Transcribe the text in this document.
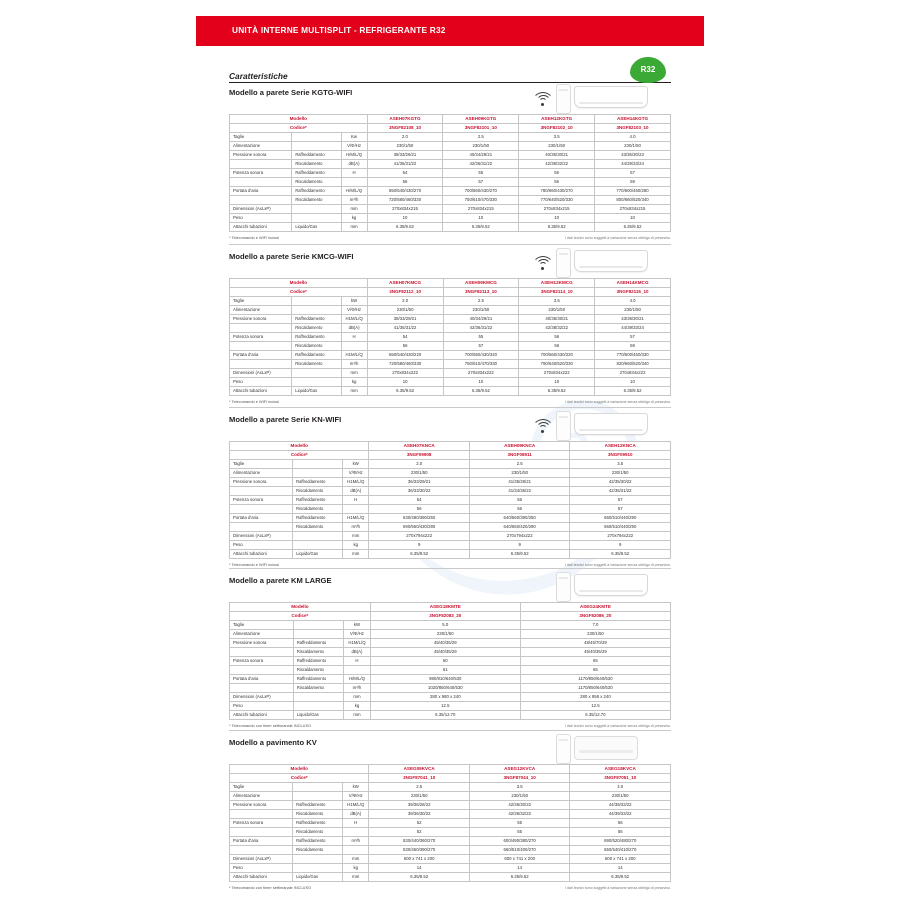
UNITÀ INTERNE MULTISPLIT - REFRIGERANTE R32
Caratteristiche
R32
Modello a parete Serie KGTG-WIFI
Modello			ASEH07KGTG	ASEH09KGTG	ASEH12KGTG	ASEH14KGTG
Codice*			3NGF82108_10	3NGF82101_10	3NGF82102_10	3NGF82103_10
Taglie		Kw	2.0	2.5	3.5	4.0
Alimentazione		V/Φ/Hz	230/1/50	230/1/50	230/1/50	230/1/50
Pressione sonora	Raffreddamento	H/M/L/Q	38/33/29/21	40/34/29/21	40/35/30/21	43/36/30/23
	Riscaldamento	dB(A)	41/35/31/22	42/36/31/22	42/38/32/22	44/39/33/24
Potenza sonora	Raffreddamento	H	54	55	56	57
	Riscaldamento		56	57	56	59
Portata d'aria	Raffreddamento	H/M/L/Q	650/540/430/270	700/560/430/270	780/660/430/270	770/600/450/280
	Riscaldamento	m³/h	720/580/460/330	750/610/470/330	770/640/520/330	800/660/520/340
Dimensioni (AxLxP)		mm	270x834x215	270x834x215	270x834x215	270x834x215
Peso		kg	10	10	10	10
Attacchi tubazioni	Liquido/Gas	mm	6.35/9.52	6.35/9.52	6.35/9.52	6.35/9.52
* Telecomando e WIFI inclusi	I dati tecnici sono soggetti a variazione senza obbligo di preavviso.
Modello a parete Serie KMCG-WIFI
Modello			ASEH07KMCG	ASEH09KMCG	ASEH12KMCG	ASEH14KMCG
Codice*			3NGF82112_10	3NGF82113_10	3NGF82114_10	3NGF82115_10
Taglie		kW	2.0	2.5	3.5	4.0
Alimentazione		V/Φ/Hz	230/1/50	230/1/50	230/1/50	230/1/50
Pressione sonora	Raffreddamento	H1M/L/Q	38/33/29/21	40/34/29/21	40/35/30/21	43/36/30/21
	Riscaldamento	dB(A)	41/35/31/22	42/36/31/22	42/38/32/22	44/39/33/24
Potenza sonora	Raffreddamento	H	54	55	56	57
	Riscaldamento		56	57	56	59
Portata d'aria	Raffreddamento	H1M/L/Q	650/540/430/220	700/560/430/320	700/560/430/320	770/600/450/330
	Riscaldamento	m³/h	720/580/460/330	750/610/470/330	790/640/520/330	820/660/520/340
Dimensioni (AxLxP)		mm	270x834x222	270x834x222	270x834x222	270x834x222
Peso		kg	10	10	10	10
Attacchi tubazioni	Liquido/Gas	mm	6.35/9.52	6.35/9.52	6.35/9.52	6.35/9.52
* Telecomando e WIFI inclusi	I dati tecnici sono soggetti a variazione senza obbligo di preavviso.
Modello a parete Serie KN-WIFI
Modello			ASEH07KNCA	ASEH09KNCA	ASEH12KNCA
Codice*			3NGF09908	3NGF08911	3NGF09910
Taglie		kW	2.0	2.5	3.5
Alimentazione		V/Φ/Hz	230/1/50	230/1/50	230/1/50
Pressione sonora	Raffreddamento	H1M/L/Q	36/33/29/21	41/35/28/21	42/35/30/22
	Riscaldamento	dB(A)	36/33/30/22	41/34/36/22	42/35/31/22
Potenza sonora	Raffreddamento	H	54	56	57
	Riscaldamento		56	56	57
Portata d'aria	Raffreddamento	H1M/L/Q	630/490/390/250	640/560/390/250	660/510/440/290
	Riscaldamento	m³/h	690/560/430/290	640/650/420/290	660/510/440/290
Dimensioni (AxLxP)		mm	270x794x222	270x794x222	270x794x222
Peso		kg	9	9	9
Attacchi tubazioni	Liquido/Gas	mm	6.35/9.52	6.35/9.52	6.35/9.52
* Telecomando e WIFI inclusi	I dati tecnici sono soggetti a variazione senza obbligo di preavviso.
Modello a parete KM LARGE
Modello			ASEG18KMTE	ASEG24KMTE
Codice*			3NGF82083_20	3NGF82086_20
Taglie		kW	5.0	7.0
Alimentazione		V/Φ/Hz	230/1/50	230/1/50
Pressione sonora	Raffreddamento	H1M/L/Q	45/40/35/29	48/45/70/29
	Riscaldamento	dB(A)	45/40/35/29	45/40/35/29
Potenza sonora	Raffreddamento	H	60	65
	Riscaldamento		61	65
Portata d'aria	Raffreddamento	H/M/L/Q	980/810/640/530	1170/850/640/530
	Riscaldamento	m³/h	1020/850/640/530	1170/850/640/530
Dimensioni (AxLxP)		mm	280 x 980 x 240	280 x 958 x 240
Peso		kg	12.5	12.5
Attacchi tubazioni	Liquido/Gas	mm	6.35/12.70	6.35/12.70
* Telecomando con timer settimanale INCLUSO	I dati tecnici sono soggetti a variazione senza obbligo di preavviso.
Modello a pavimento KV
Modello			ASEG09KVCA	ASEG12KVCA	ASEG18KVCA
Codice*			3NGF87041_10	3NGF87044_10	3NGF87051_10
Taglie		kW	2.5	3.5	4.0
Alimentazione		V/Φ/Hz	230/1/50	230/1/50	230/1/50
Pressione sonora	Raffreddamento	H1M/L/Q	39/36/28/22	42/36/30/22	44/39/32/22
	Riscaldamento	dB(A)	39/36/30/22	42/36/32/22	44/39/33/22
Potenza sonora	Raffreddamento	H	52	55	56
	Riscaldamento		52	55	56
Portata d'aria	Raffreddamento	m³/h	530/440/360/270	600/490/380/270	690/520/480/270
	Riscaldamento		530/460/390/270	660/510/400/270	650/540/410/270
Dimensioni (AxLxP)		mm	600 x 741 x 200	600 x 741 x 200	600 x 741 x 200
Peso		kg	14	14	14
Attacchi tubazioni	Liquido/Gas	mm	6.35/9.52	6.35/9.52	6.35/9.52
* Telecomando con timer settimanale INCLUSO	I dati tecnici sono soggetti a variazione senza obbligo di preavviso.
